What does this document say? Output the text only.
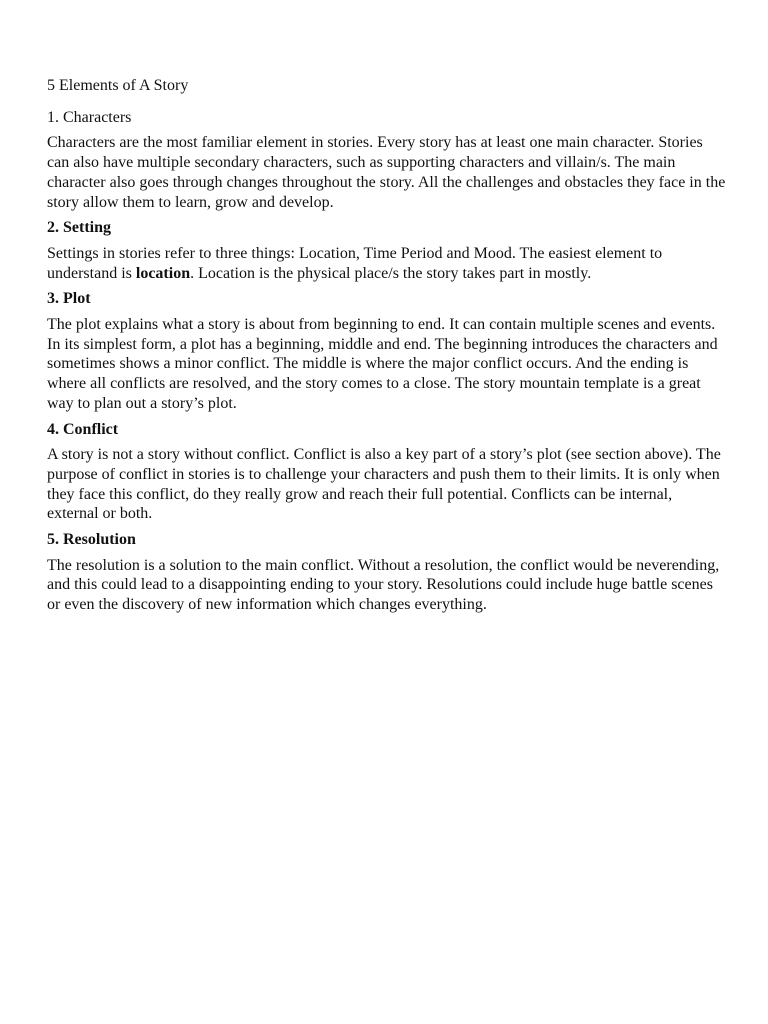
5 Elements of A Story

1. Characters

Characters are the most familiar element in stories. Every story has at least one main character. Stories can also have multiple secondary characters, such as supporting characters and villain/s. The main character also goes through changes throughout the story. All the challenges and obstacles they face in the story allow them to learn, grow and develop.

2. Setting

Settings in stories refer to three things: Location, Time Period and Mood. The easiest element to understand is location. Location is the physical place/s the story takes part in mostly.

3. Plot

The plot explains what a story is about from beginning to end. It can contain multiple scenes and events. In its simplest form, a plot has a beginning, middle and end. The beginning introduces the characters and sometimes shows a minor conflict. The middle is where the major conflict occurs. And the ending is where all conflicts are resolved, and the story comes to a close. The story mountain template is a great way to plan out a story’s plot.

4. Conflict

A story is not a story without conflict. Conflict is also a key part of a story’s plot (see section above). The purpose of conflict in stories is to challenge your characters and push them to their limits. It is only when they face this conflict, do they really grow and reach their full potential. Conflicts can be internal, external or both.

5. Resolution

The resolution is a solution to the main conflict. Without a resolution, the conflict would be neverending, and this could lead to a disappointing ending to your story. Resolutions could include huge battle scenes or even the discovery of new information which changes everything.
